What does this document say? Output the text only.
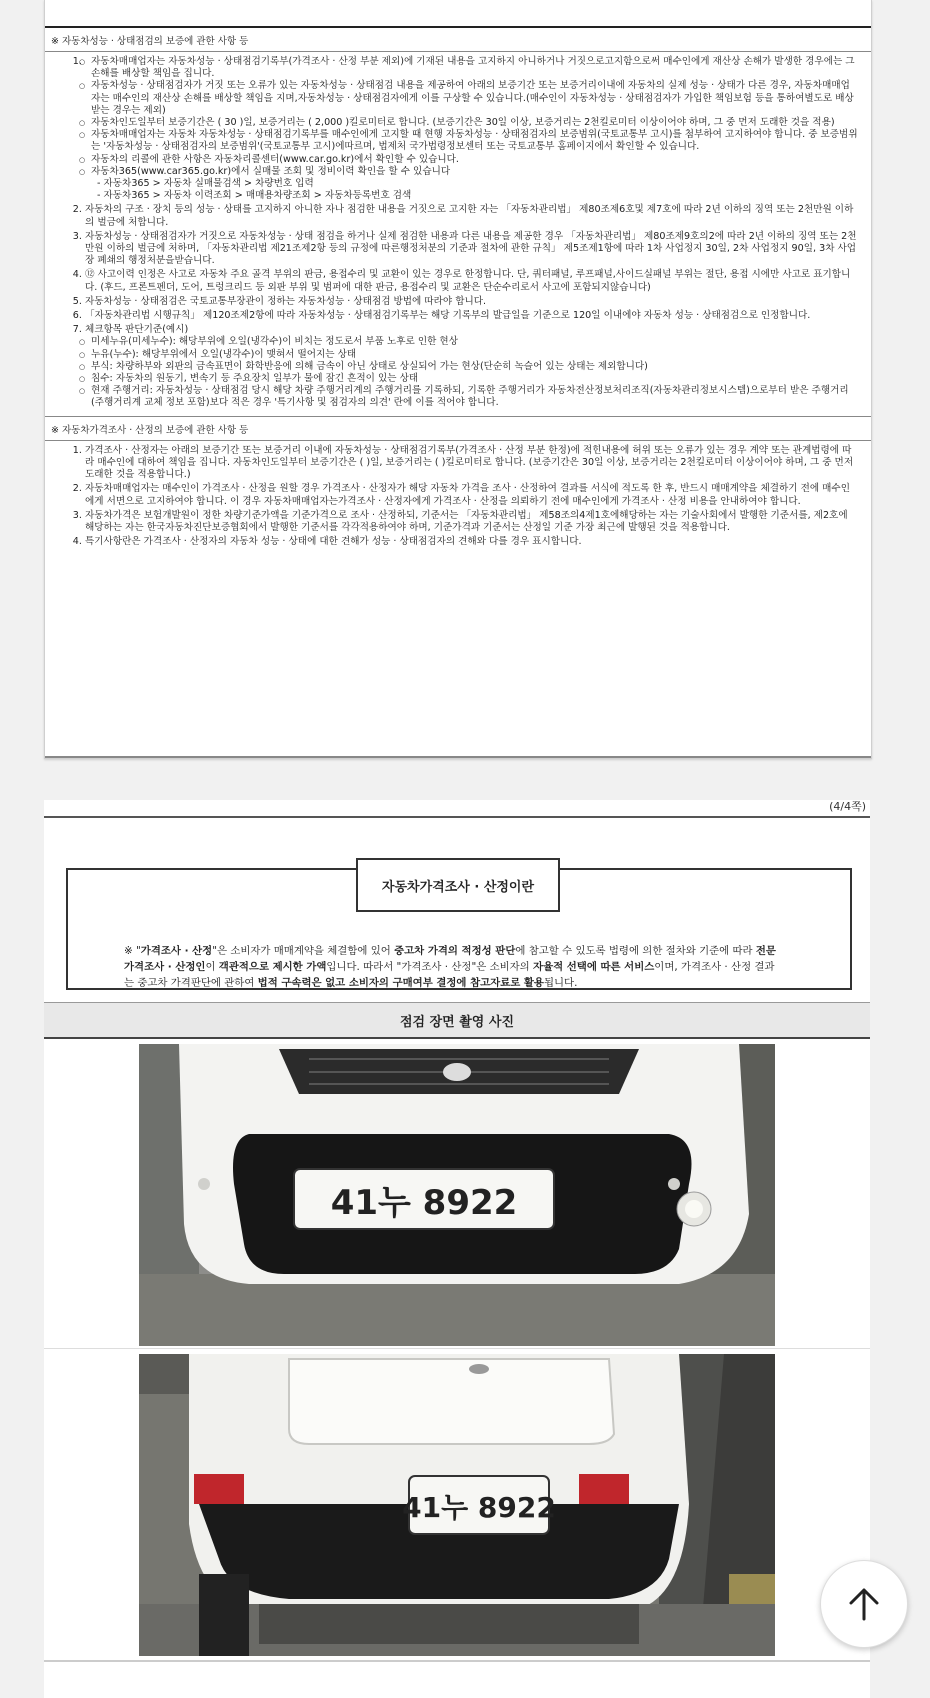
※ 자동차성능 · 상태점검의 보증에 관한 사항 등
○ 1. 자동차매매업자는 자동차성능 · 상태점검기록부(가격조사 · 산정 부분 제외)에 기재된 내용을 고지하지 아니하거나 거짓으로고지함으로써 매수인에게 재산상 손해가 발생한 경우에는 그 손해를 배상할 책임을 집니다.
○ 자동차성능 · 상태점검자가 거짓 또는 오류가 있는 자동차성능 · 상태점검 내용을 제공하여 아래의 보증기간 또는 보증거리이내에 자동차의 실제 성능 · 상태가 다른 경우, 자동차매매업자는 매수인의 재산상 손해를 배상할 책임을 지며,자동차성능 · 상태점검자에게 이를 구상할 수 있습니다.(매수인이 자동차성능 · 상태점검자가 가입한 책임보험 등을 통하여별도로 배상받는 경우는 제외)
○ 자동차인도일부터 보증기간은 ( 30 )일, 보증거리는 ( 2,000 )킬로미터로 합니다. (보증기간은 30일 이상, 보증거리는 2천킬로미터 이상이어야 하며, 그 중 먼저 도래한 것을 적용)
○ 자동차매매업자는 자동차 자동차성능 · 상태점검기록부를 매수인에게 고지할 때 현행 자동차성능 · 상태점검자의 보증범위(국토교통부 고시)를 첨부하여 고지하여야 합니다. 중 보증범위는 '자동차성능 · 상태점검자의 보증범위'(국토교통부 고시)에따르며, 법제처 국가법령정보센터 또는 국토교통부 홈페이지에서 확인할 수 있습니다.
○ 자동차의 리콜에 관한 사항은 자동차리콜센터(www.car.go.kr)에서 확인할 수 있습니다.
○ 자동차365(www.car365.go.kr)에서 실매물 조회 및 정비이력 확인을 할 수 있습니다
- 자동차365 > 자동차 실매물검색 > 차량번호 입력
- 자동차365 > 자동차 이력조회 > 매매용차량조회 > 자동차등록번호 검색
2. 자동차의 구조 · 장치 등의 성능 · 상태를 고지하지 아니한 자나 점검한 내용을 거짓으로 고지한 자는 「자동차관리법」 제80조제6호및 제7호에 따라 2년 이하의 징역 또는 2천만원 이하의 벌금에 처합니다.
3. 자동차성능 · 상태점검자가 거짓으로 자동차성능 · 상태 점검을 하거나 실제 점검한 내용과 다른 내용을 제공한 경우 「자동차관리법」 제80조제9호의2에 따라 2년 이하의 징역 또는 2천만원 이하의 벌금에 처하며, 「자동차관리법 제21조제2항 등의 규정에 따른행정처분의 기준과 절차에 관한 규칙」 제5조제1항에 따라 1차 사업정지 30일, 2차 사업정지 90일, 3차 사업장 폐쇄의 행정처분을받습니다.
4. ⑫ 사고이력 인정은 사고로 자동차 주요 골격 부위의 판금, 용접수리 및 교환이 있는 경우로 한정합니다. 단, 쿼터패널, 루프패널,사이드실패널 부위는 절단, 용접 시에만 사고로 표기합니다. (후드, 프론트펜더, 도어, 트렁크리드 등 외판 부위 및 범퍼에 대한 판금, 용접수리 및 교환은 단순수리로서 사고에 포함되지않습니다)
5. 자동차성능 · 상태점검은 국토교통부장관이 정하는 자동차성능 · 상태점검 방법에 따라야 합니다.
6. 「자동차관리법 시행규칙」 제120조제2항에 따라 자동차성능 · 상태점검기록부는 해당 기록부의 발급일을 기준으로 120일 이내에야 자동차 성능 · 상태점검으로 인정합니다.
7. 체크항목 판단기준(예시)
○ 미세누유(미세누수): 해당부위에 오일(냉각수)이 비치는 정도로서 부품 노후로 인한 현상
○ 누유(누수): 해당부위에서 오일(냉각수)이 맺혀서 떨어지는 상태
○ 부식: 차량하부와 외판의 금속표면이 화학반응에 의해 금속이 아닌 상태로 상실되어 가는 현상(단순히 녹슬어 있는 상태는 제외합니다)
○ 침수: 자동차의 원동기, 변속기 등 주요장치 일부가 물에 잠긴 흔적이 있는 상태
○ 현재 주행거리: 자동차성능 · 상태점검 당시 해당 차량 주행거리계의 주행거리를 기록하되, 기록한 주행거리가 자동차전산정보처리조직(자동차관리정보시스템)으로부터 받은 주행거리(주행거리계 교체 정보 포함)보다 적은 경우 '특기사항 및 점검자의 의견' 란에 이를 적어야 합니다.
※ 자동차가격조사 · 산정의 보증에 관한 사항 등
1. 가격조사 · 산정자는 아래의 보증기간 또는 보증거리 이내에 자동차성능 · 상태점검기록부(가격조사 · 산정 부분 한정)에 적힌내용에 허위 또는 오류가 있는 경우 계약 또는 관계법령에 따라 매수인에 대하여 책임을 집니다. 자동차인도일부터 보증기간은 ( )일, 보증거리는 ( )킬로미터로 합니다. (보증기간은 30일 이상, 보증거리는 2천킬로미터 이상이어야 하며, 그 중 먼저 도래한 것을 적용합니다.)
2. 자동차매매업자는 매수인이 가격조사 · 산정을 원할 경우 가격조사 · 산정자가 해당 자동차 가격을 조사 · 산정하여 결과를 서식에 적도록 한 후, 반드시 매매계약을 체결하기 전에 매수인에게 서면으로 고지하여야 합니다. 이 경우 자동차매매업자는가격조사 · 산정자에게 가격조사 · 산정을 의뢰하기 전에 매수인에게 가격조사 · 산정 비용을 안내하여야 합니다.
3. 자동차가격은 보험개발원이 정한 차량기준가액을 기준가격으로 조사 · 산정하되, 기준서는 「자동차관리법」 제58조의4제1호에해당하는 자는 기술사회에서 발행한 기준서를, 제2호에 해당하는 자는 한국자동차진단보증협회에서 발행한 기준서를 각각적용하여야 하며, 기준가격과 기준서는 산정일 기준 가장 최근에 발행된 것을 적용합니다.
4. 특기사항란은 가격조사 · 산정자의 자동차 성능 · 상태에 대한 견해가 성능 · 상태점검자의 견해와 다를 경우 표시합니다.
(4/4쪽)
자동차가격조사 · 산정이란
※ "가격조사 · 산정"은 소비자가 매매계약을 체결함에 있어 중고차 가격의 적정성 판단에 참고할 수 있도록 법령에 의한 절차와 기준에 따라 전문 가격조사 · 산정인이 객관적으로 제시한 가액입니다. 따라서 "가격조사 · 산정"은 소비자의 자율적 선택에 따른 서비스이며, 가격조사 · 산정 결과는 중고차 가격판단에 관하여 법적 구속력은 없고 소비자의 구매여부 결정에 참고자료로 활용됩니다.
점검 장면 촬영 사진
41누 8922
41누 8922
